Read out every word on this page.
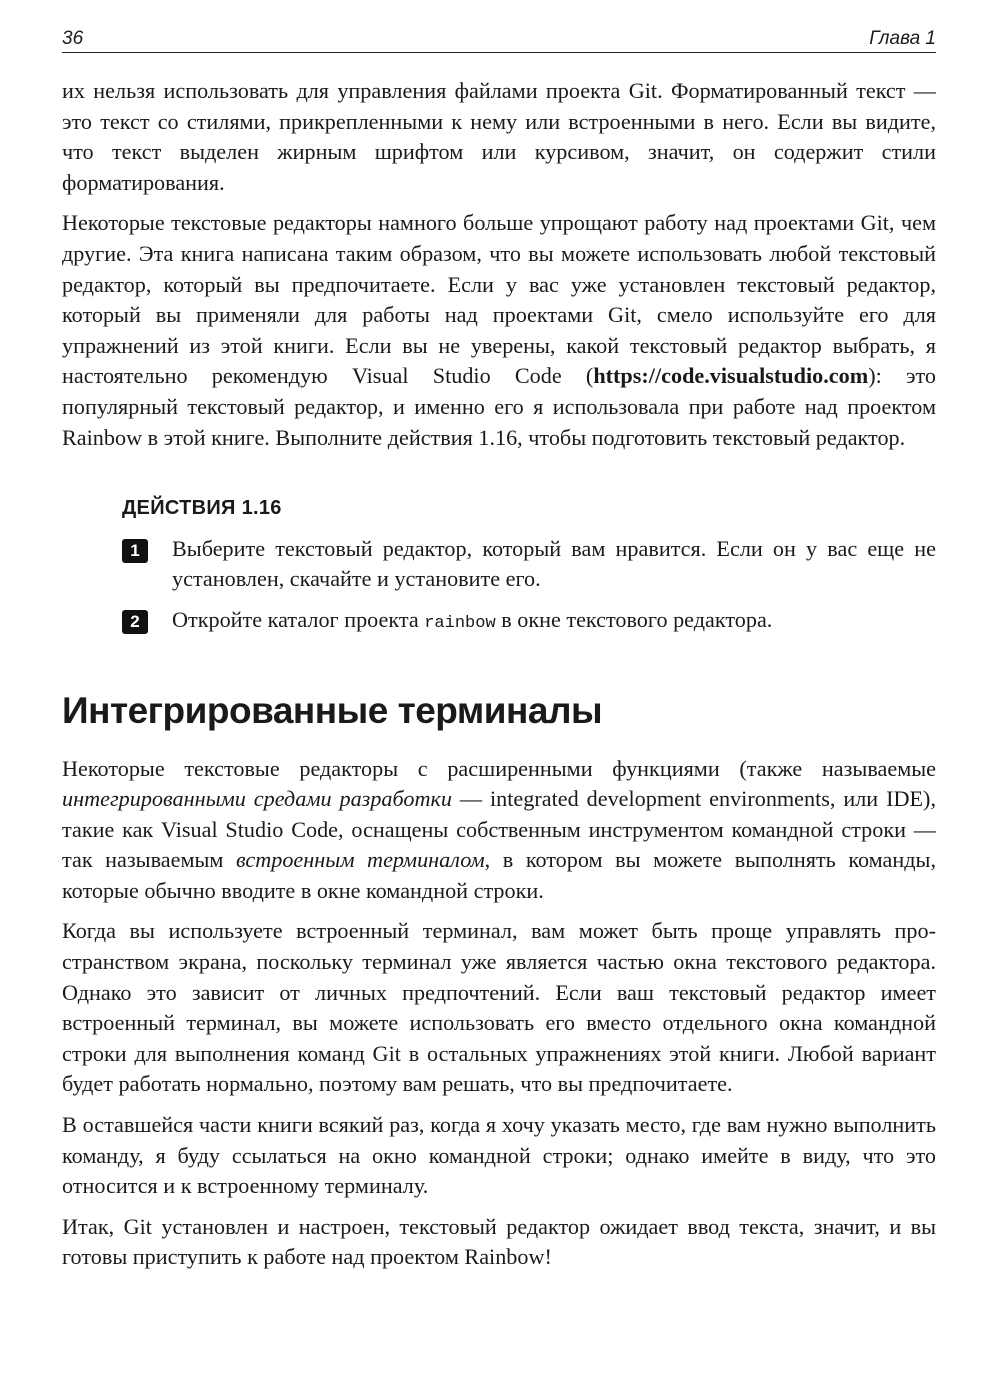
36	Глава 1

их нельзя использовать для управления файлами проекта Git. Форматированный текст — это текст со стилями, прикрепленными к нему или встроенными в него. Если вы видите, что текст выделен жирным шрифтом или курсивом, значит, он содержит стили форматирования.

Некоторые текстовые редакторы намного больше упрощают работу над проектами Git, чем другие. Эта книга написана таким образом, что вы можете использовать любой текстовый редактор, который вы предпочитаете. Если у вас уже установлен текстовый редактор, который вы применяли для работы над проектами Git, смело используйте его для упражнений из этой книги. Если вы не уверены, какой текстовый редактор выбрать, я настоятельно рекомендую Visual Studio Code (https://code.visualstudio.com): это популярный текстовый редактор, и именно его я использовала при работе над проектом Rainbow в этой книге. Выполните действия 1.16, чтобы подготовить текстовый редактор.

ДЕЙСТВИЯ 1.16
1	Выберите текстовый редактор, который вам нравится. Если он у вас еще не установлен, скачайте и установите его.
2	Откройте каталог проекта rainbow в окне текстового редактора.
Интегрированные терминалы

Некоторые текстовые редакторы с расширенными функциями (также называемые интегрированными средами разработки — integrated development environments, или IDE), такие как Visual Studio Code, оснащены собственным инструментом командной строки — так называемым встроенным терминалом, в котором вы можете выполнять команды, которые обычно вводите в окне командной строки.

Когда вы используете встроенный терминал, вам может быть проще управлять пространством экрана, поскольку терминал уже является частью окна текстового редактора. Однако это зависит от личных предпочтений. Если ваш текстовый редактор имеет встроенный терминал, вы можете использовать его вместо отдельного окна командной строки для выполнения команд Git в остальных упражнениях этой книги. Любой вариант будет работать нормально, поэтому вам решать, что вы предпочитаете.

В оставшейся части книги всякий раз, когда я хочу указать место, где вам нужно выполнить команду, я буду ссылаться на окно командной строки; однако имейте в виду, что это относится и к встроенному терминалу.

Итак, Git установлен и настроен, текстовый редактор ожидает ввод текста, значит, и вы готовы приступить к работе над проектом Rainbow!
